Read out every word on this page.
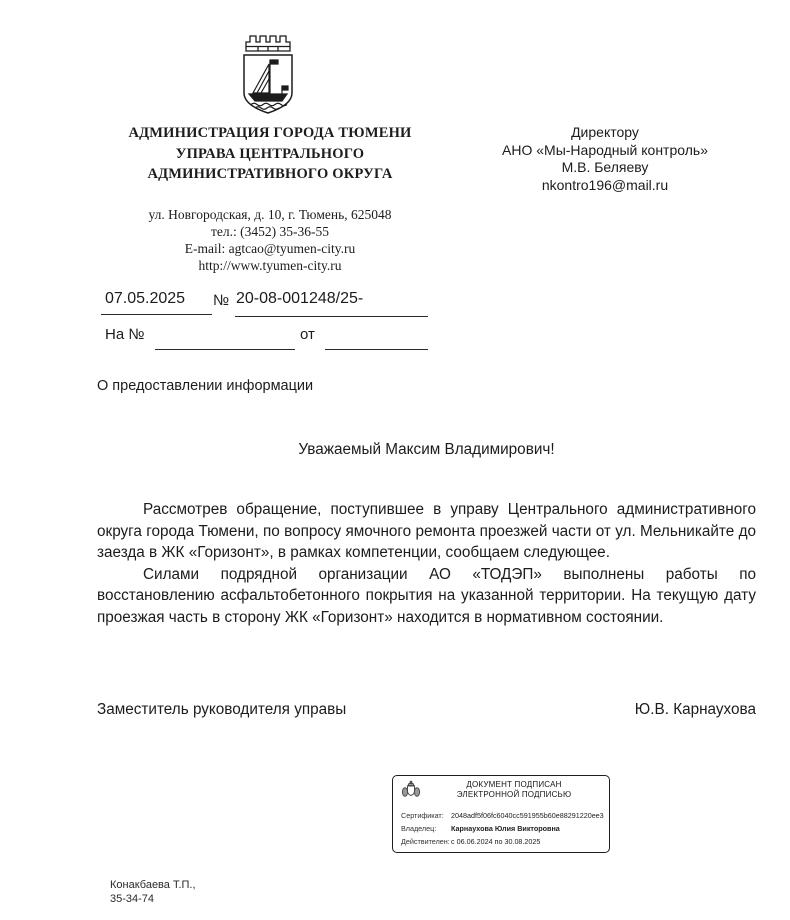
АДМИНИСТРАЦИЯ ГОРОДА ТЮМЕНИ
УПРАВА ЦЕНТРАЛЬНОГО
АДМИНИСТРАТИВНОГО ОКРУГА
ул. Новгородская, д. 10, г. Тюмень, 625048
тел.: (3452) 35-36-55
E-mail: agtcao@tyumen-city.ru
http://www.tyumen-city.ru
Директору
АНО «Мы-Народный контроль»
М.В. Беляеву
nkontro196@mail.ru
07.05.2025 № 20-08-001248/25-
На №	от
О предоставлении информации
Уважаемый Максим Владимирович!

Рассмотрев обращение, поступившее в управу Центрального административного округа города Тюмени, по вопросу ямочного ремонта проезжей части от ул. Мельникайте до заезда в ЖК «Горизонт», в рамках компетенции, сообщаем следующее.

Силами подрядной организации АО «ТОДЭП» выполнены работы по восстановлению асфальтобетонного покрытия на указанной территории. На текущую дату проезжая часть в сторону ЖК «Горизонт» находится в нормативном состоянии.

Заместитель руководителя управы	Ю.В. Карнаухова
ДОКУМЕНТ ПОДПИСАН
ЭЛЕКТРОННОЙ ПОДПИСЬЮ
Сертификат:	2048adf5f06fc6040cc591955b60e88291220ee3
Владелец:	Карнаухова Юлия Викторовна
Действителен: с 06.06.2024 по 30.08.2025
Конакбаева Т.П.,
35-34-74
